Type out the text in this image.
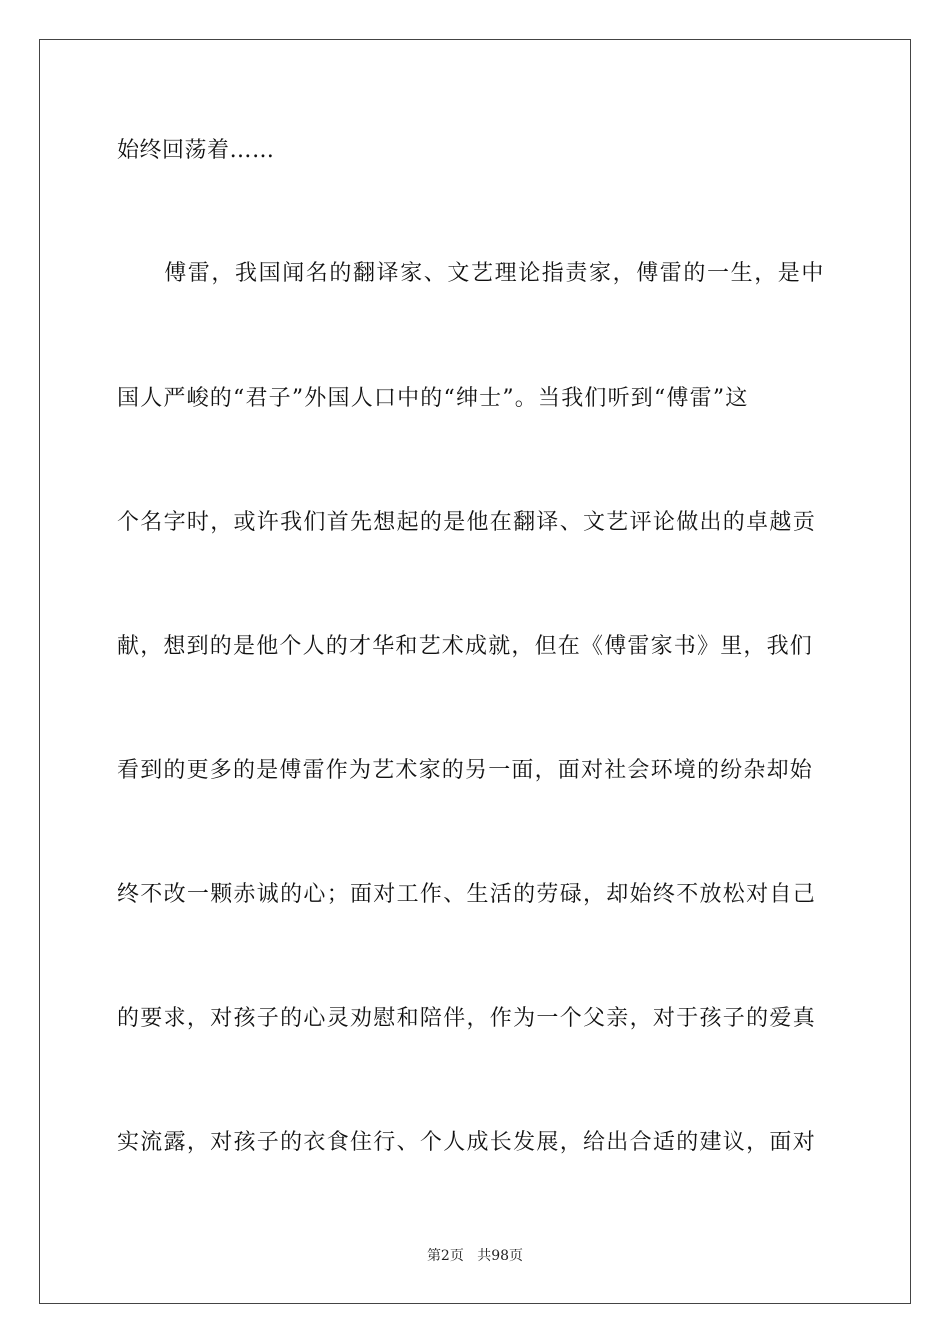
始终回荡着……
　　傅雷，我国闻名的翻译家、文艺理论指责家，傅雷的一生，是中
国人严峻的“君子”外国人口中的“绅士”。当我们听到“傅雷”这
个名字时，或许我们首先想起的是他在翻译、文艺评论做出的卓越贡
献，想到的是他个人的才华和艺术成就，但在《傅雷家书》里，我们
看到的更多的是傅雷作为艺术家的另一面，面对社会环境的纷杂却始
终不改一颗赤诚的心；面对工作、生活的劳碌，却始终不放松对自己
的要求，对孩子的心灵劝慰和陪伴，作为一个父亲，对于孩子的爱真
实流露，对孩子的衣食住行、个人成长发展，给出合适的建议，面对
第2页 共98页
